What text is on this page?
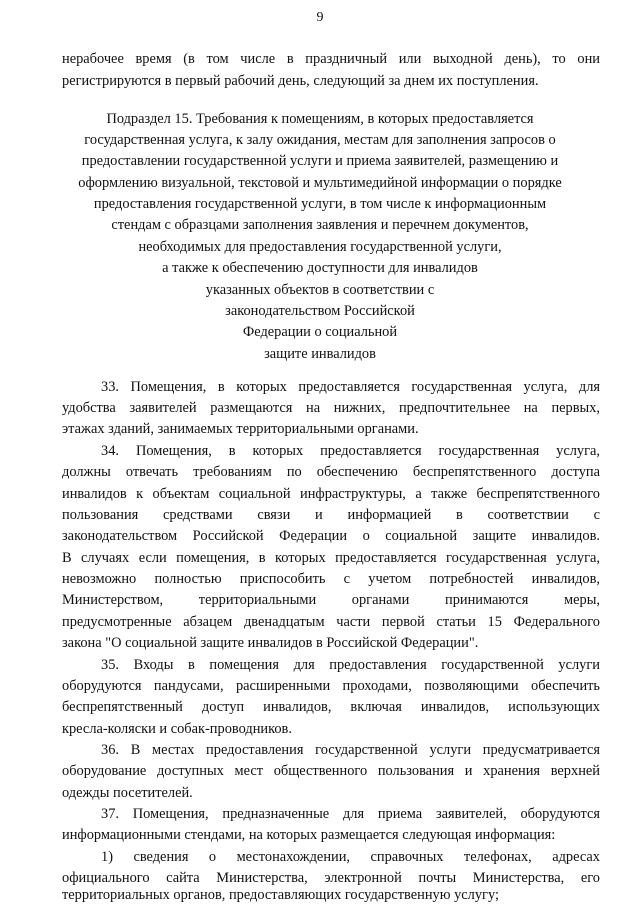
9
нерабочее время (в том числе в праздничный или выходной день), то они
регистрируются в первый рабочий день, следующий за днем их поступления.
Подраздел 15. Требования к помещениям, в которых предоставляется
государственная услуга, к залу ожидания, местам для заполнения запросов о
предоставлении государственной услуги и приема заявителей, размещению и
оформлению визуальной, текстовой и мультимедийной информации о порядке
предоставления государственной услуги, в том числе к информационным
стендам с образцами заполнения заявления и перечнем документов,
необходимых для предоставления государственной услуги,
а также к обеспечению доступности для инвалидов
указанных объектов в соответствии с
законодательством Российской
Федерации о социальной
защите инвалидов
33. Помещения, в которых предоставляется государственная услуга, для
удобства заявителей размещаются на нижних, предпочтительнее на первых,
этажах зданий, занимаемых территориальными органами.
34. Помещения, в которых предоставляется государственная услуга,
должны отвечать требованиям по обеспечению беспрепятственного доступа
инвалидов к объектам социальной инфраструктуры, а также беспрепятственного
пользования средствами связи и информацией в соответствии с
законодательством Российской Федерации о социальной защите инвалидов.
В случаях если помещения, в которых предоставляется государственная услуга,
невозможно полностью приспособить с учетом потребностей инвалидов,
Министерством, территориальными органами принимаются меры,
предусмотренные абзацем двенадцатым части первой статьи 15 Федерального
закона "О социальной защите инвалидов в Российской Федерации".
35. Входы в помещения для предоставления государственной услуги
оборудуются пандусами, расширенными проходами, позволяющими обеспечить
беспрепятственный доступ инвалидов, включая инвалидов, использующих
кресла-коляски и собак-проводников.
36. В местах предоставления государственной услуги предусматривается
оборудование доступных мест общественного пользования и хранения верхней
одежды посетителей.
37. Помещения, предназначенные для приема заявителей, оборудуются
информационными стендами, на которых размещается следующая информация:
1) сведения о местонахождении, справочных телефонах, адресах
официального сайта Министерства, электронной почты Министерства, его
территориальных органов, предоставляющих государственную услугу;
